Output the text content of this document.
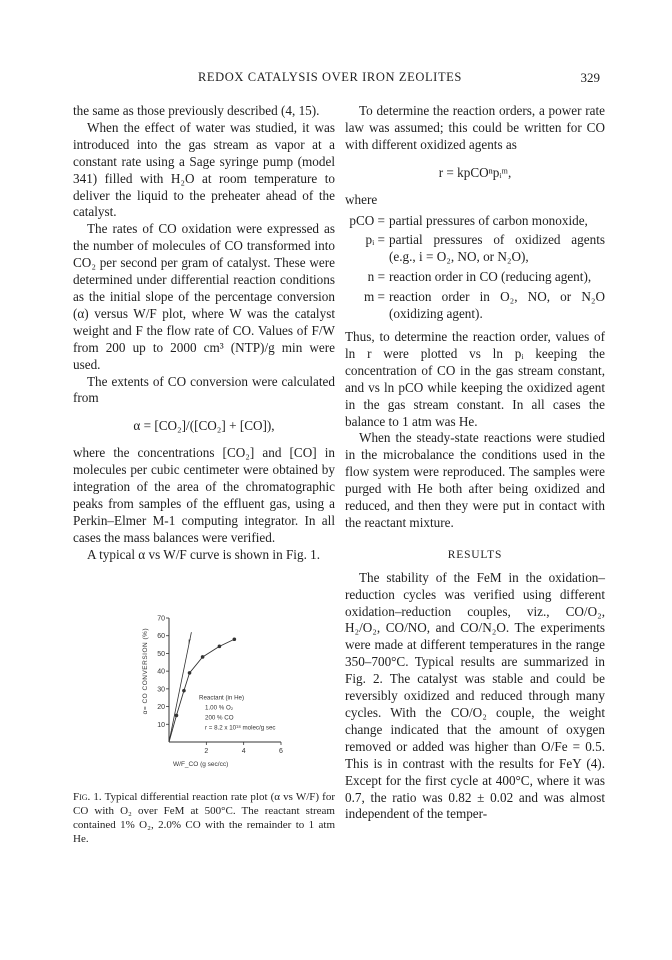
REDOX CATALYSIS OVER IRON ZEOLITES	329

the same as those previously described (4, 15).

When the effect of water was studied, it was introduced into the gas stream as vapor at a constant rate using a Sage syringe pump (model 341) filled with H₂O at room temperature to deliver the liquid to the preheater ahead of the catalyst.

The rates of CO oxidation were expressed as the number of molecules of CO transformed into CO₂ per second per gram of catalyst. These were determined under differential reaction conditions as the initial slope of the percentage conversion (α) versus W/F plot, where W was the catalyst weight and F the flow rate of CO. Values of F/W from 200 up to 2000 cm³ (NTP)/g min were used.

The extents of CO conversion were calculated from

α = [CO₂]/([CO₂] + [CO]),

where the concentrations [CO₂] and [CO] in molecules per cubic centimeter were obtained by integration of the area of the chromatographic peaks from samples of the effluent gas, using a Perkin–Elmer M-1 computing integrator. In all cases the mass balances were verified.

A typical α vs W/F curve is shown in Fig. 1.

10
20
30
40
50
60
70
2	4	6
α= CO CONVERSION (%)
W/F_CO (g sec/cc)
r
Reactant (in He)
1.00 % O₂
200 % CO
r = 8.2 x 10¹⁸ molec/g sec
Fig. 1. Typical differential reaction rate plot (α vs W/F) for CO with O₂ over FeM at 500°C. The reactant stream contained 1% O₂, 2.0% CO with the remainder to 1 atm He.

To determine the reaction orders, a power rate law was assumed; this could be written for CO with different oxidized agents as

r = kpCOⁿpᵢᵐ,

where

pCO = partial pressures of carbon monoxide,
pᵢ = partial pressures of oxidized agents (e.g., i = O₂, NO, or N₂O),
n = reaction order in CO (reducing agent),
m = reaction order in O₂, NO, or N₂O (oxidizing agent).

Thus, to determine the reaction order, values of ln r were plotted vs ln pᵢ keeping the concentration of CO in the gas stream constant, and vs ln pCO while keeping the oxidized agent in the gas stream constant. In all cases the balance to 1 atm was He.

When the steady-state reactions were studied in the microbalance the conditions used in the flow system were reproduced. The samples were purged with He both after being oxidized and reduced, and then they were put in contact with the reactant mixture.

RESULTS

The stability of the FeM in the oxidation–reduction cycles was verified using different oxidation–reduction couples, viz., CO/O₂, H₂/O₂, CO/NO, and CO/N₂O. The experiments were made at different temperatures in the range 350–700°C. Typical results are summarized in Fig. 2. The catalyst was stable and could be reversibly oxidized and reduced through many cycles. With the CO/O₂ couple, the weight change indicated that the amount of oxygen removed or added was higher than O/Fe = 0.5. This is in contrast with the results for FeY (4). Except for the first cycle at 400°C, where it was 0.7, the ratio was 0.82 ± 0.02 and was almost independent of the temper-
